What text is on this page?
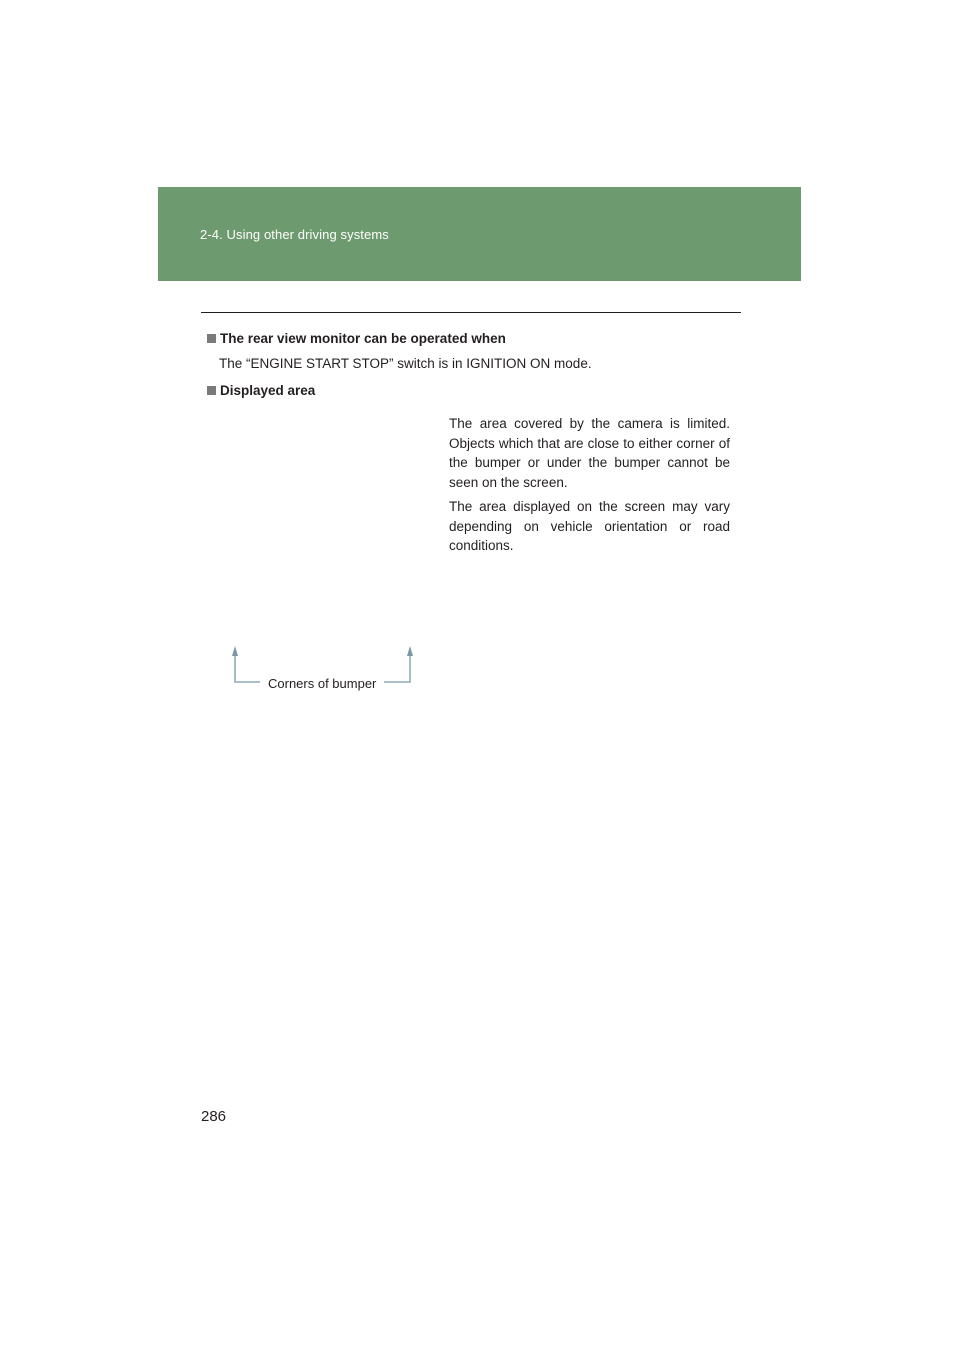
2-4. Using other driving systems
The rear view monitor can be operated when
The “ENGINE START STOP” switch is in IGNITION ON mode.
Displayed area

The area covered by the camera is limited. Objects which that are close to either corner of the bumper or under the bumper cannot be seen on the screen.

The area displayed on the screen may vary depending on vehicle orientation or road conditions.

Corners of bumper
286
